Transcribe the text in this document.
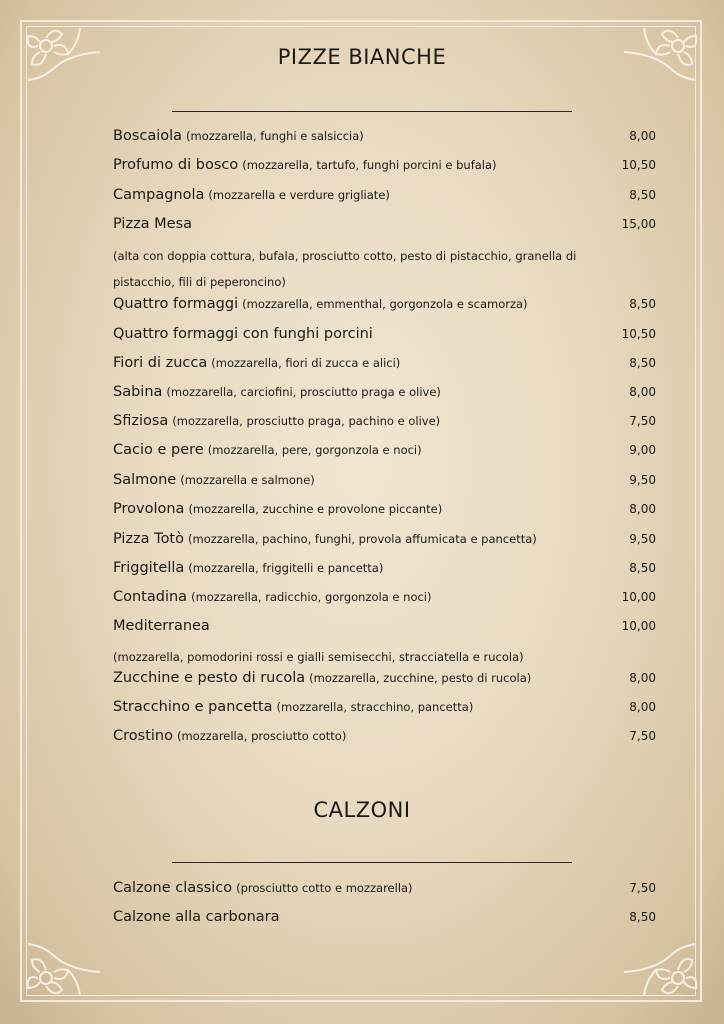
PIZZE BIANCHE
Boscaiola (mozzarella, funghi e salsiccia)	8,00
Profumo di bosco (mozzarella, tartufo, funghi porcini e bufala)	10,50
Campagnola (mozzarella e verdure grigliate)	8,50
Pizza Mesa	15,00
(alta con doppia cottura, bufala, prosciutto cotto, pesto di pistacchio, granella di
pistacchio, fili di peperoncino)
Quattro formaggi (mozzarella, emmenthal, gorgonzola e scamorza)	8,50
Quattro formaggi con funghi porcini	10,50
Fiori di zucca (mozzarella, fiori di zucca e alici)	8,50
Sabina (mozzarella, carciofini, prosciutto praga e olive)	8,00
Sfiziosa (mozzarella, prosciutto praga, pachino e olive)	7,50
Cacio e pere (mozzarella, pere, gorgonzola e noci)	9,00
Salmone (mozzarella e salmone)	9,50
Provolona (mozzarella, zucchine e provolone piccante)	8,00
Pizza Totò (mozzarella, pachino, funghi, provola affumicata e pancetta)	9,50
Friggitella (mozzarella, friggitelli e pancetta)	8,50
Contadina (mozzarella, radicchio, gorgonzola e noci)	10,00
Mediterranea	10,00
(mozzarella, pomodorini rossi e gialli semisecchi, stracciatella e rucola)
Zucchine e pesto di rucola (mozzarella, zucchine, pesto di rucola)	8,00
Stracchino e pancetta (mozzarella, stracchino, pancetta)	8,00
Crostino (mozzarella, prosciutto cotto)	7,50
CALZONI
Calzone classico (prosciutto cotto e mozzarella)	7,50
Calzone alla carbonara	8,50
